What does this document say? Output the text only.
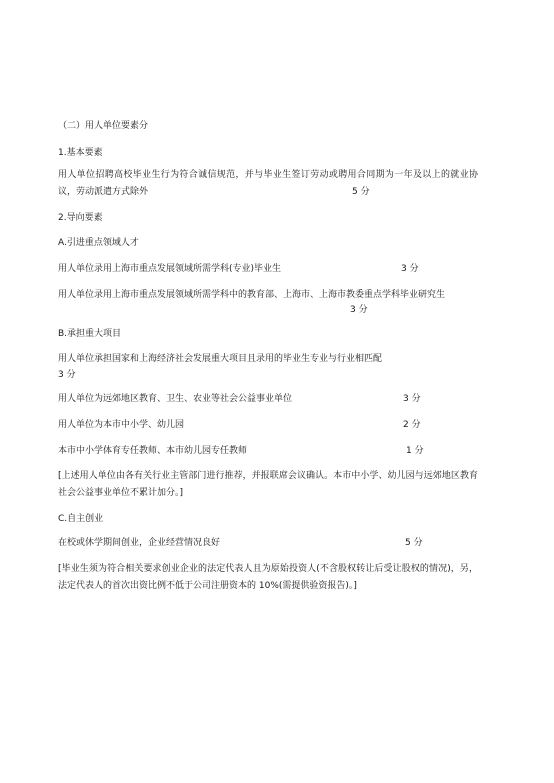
（二）用人单位要素分

1.基本要素

用人单位招聘高校毕业生行为符合诚信规范，并与毕业生签订劳动或聘用合同期为一年及以上的就业协议，劳动派遣方式除外	5 分

2.导向要素

A.引进重点领域人才

用人单位录用上海市重点发展领域所需学科(专业)毕业生	3 分

用人单位录用上海市重点发展领域所需学科中的教育部、上海市、上海市教委重点学科毕业研究生

3 分

B.承担重大项目

用人单位承担国家和上海经济社会发展重大项目且录用的毕业生专业与行业相匹配

3 分

用人单位为远郊地区教育、卫生、农业等社会公益事业单位	3 分

用人单位为本市中小学、幼儿园	2 分

本市中小学体育专任教师、本市幼儿园专任教师	1 分

[上述用人单位由各有关行业主管部门进行推荐，并报联席会议确认。本市中小学、幼儿园与远郊地区教育社会公益事业单位不累计加分。]

C.自主创业

在校或休学期间创业，企业经营情况良好	5 分

[毕业生须为符合相关要求创业企业的法定代表人且为原始投资人(不含股权转让后受让股权的情况)，另，法定代表人的首次出资比例不低于公司注册资本的 10%(需提供验资报告)。]
